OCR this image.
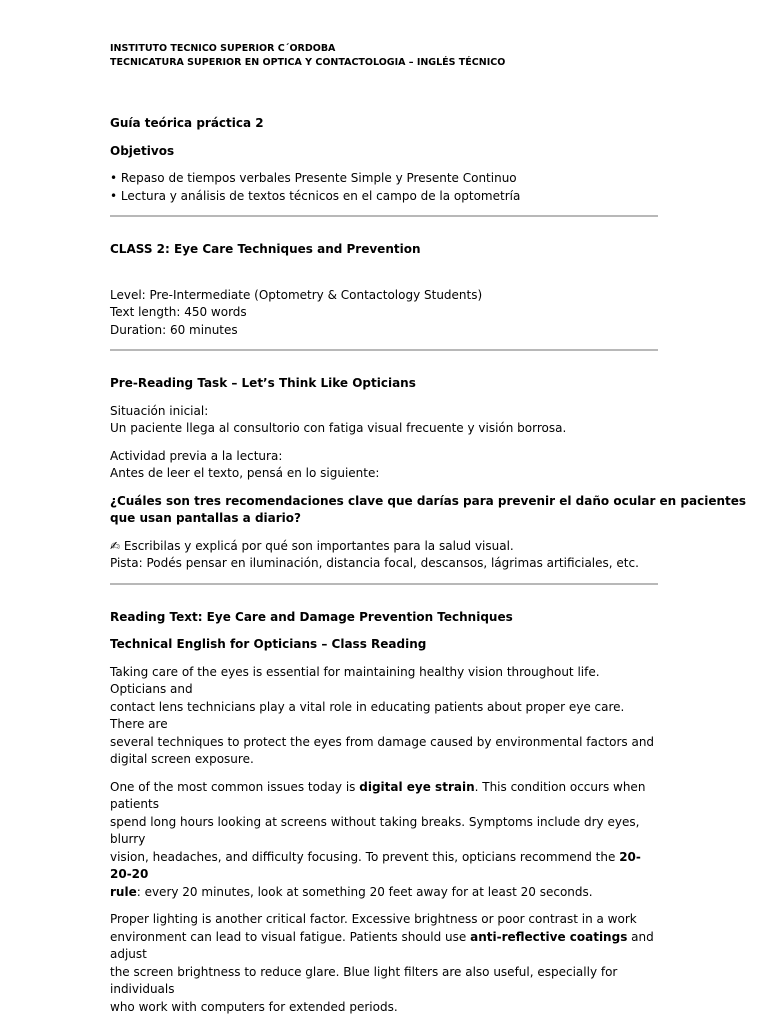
INSTITUTO TECNICO SUPERIOR C´ORDOBA
TECNICATURA SUPERIOR EN OPTICA Y CONTACTOLOGIA – INGLÉS TÉCNICO
Guía teórica práctica 2
Objetivos
• Repaso de tiempos verbales Presente Simple y Presente Continuo
• Lectura y análisis de textos técnicos en el campo de la optometría
CLASS 2: Eye Care Techniques and Prevention
Level: Pre-Intermediate (Optometry & Contactology Students)
Text length: 450 words
Duration: 60 minutes
Pre-Reading Task – Let’s Think Like Opticians
Situación inicial:
Un paciente llega al consultorio con fatiga visual frecuente y visión borrosa.
Actividad previa a la lectura:
Antes de leer el texto, pensá en lo siguiente:
¿Cuáles son tres recomendaciones clave que darías para prevenir el daño ocular en pacientes
que usan pantallas a diario?
✍ Escribilas y explicá por qué son importantes para la salud visual.
Pista: Podés pensar en iluminación, distancia focal, descansos, lágrimas artificiales, etc.
Reading Text: Eye Care and Damage Prevention Techniques
Technical English for Opticians – Class Reading
Taking care of the eyes is essential for maintaining healthy vision throughout life. Opticians and
contact lens technicians play a vital role in educating patients about proper eye care. There are
several techniques to protect the eyes from damage caused by environmental factors and
digital screen exposure.
One of the most common issues today is digital eye strain. This condition occurs when patients
spend long hours looking at screens without taking breaks. Symptoms include dry eyes, blurry
vision, headaches, and difficulty focusing. To prevent this, opticians recommend the 20-20-20
rule: every 20 minutes, look at something 20 feet away for at least 20 seconds.
Proper lighting is another critical factor. Excessive brightness or poor contrast in a work
environment can lead to visual fatigue. Patients should use anti-reflective coatings and adjust
the screen brightness to reduce glare. Blue light filters are also useful, especially for individuals
who work with computers for extended periods.
